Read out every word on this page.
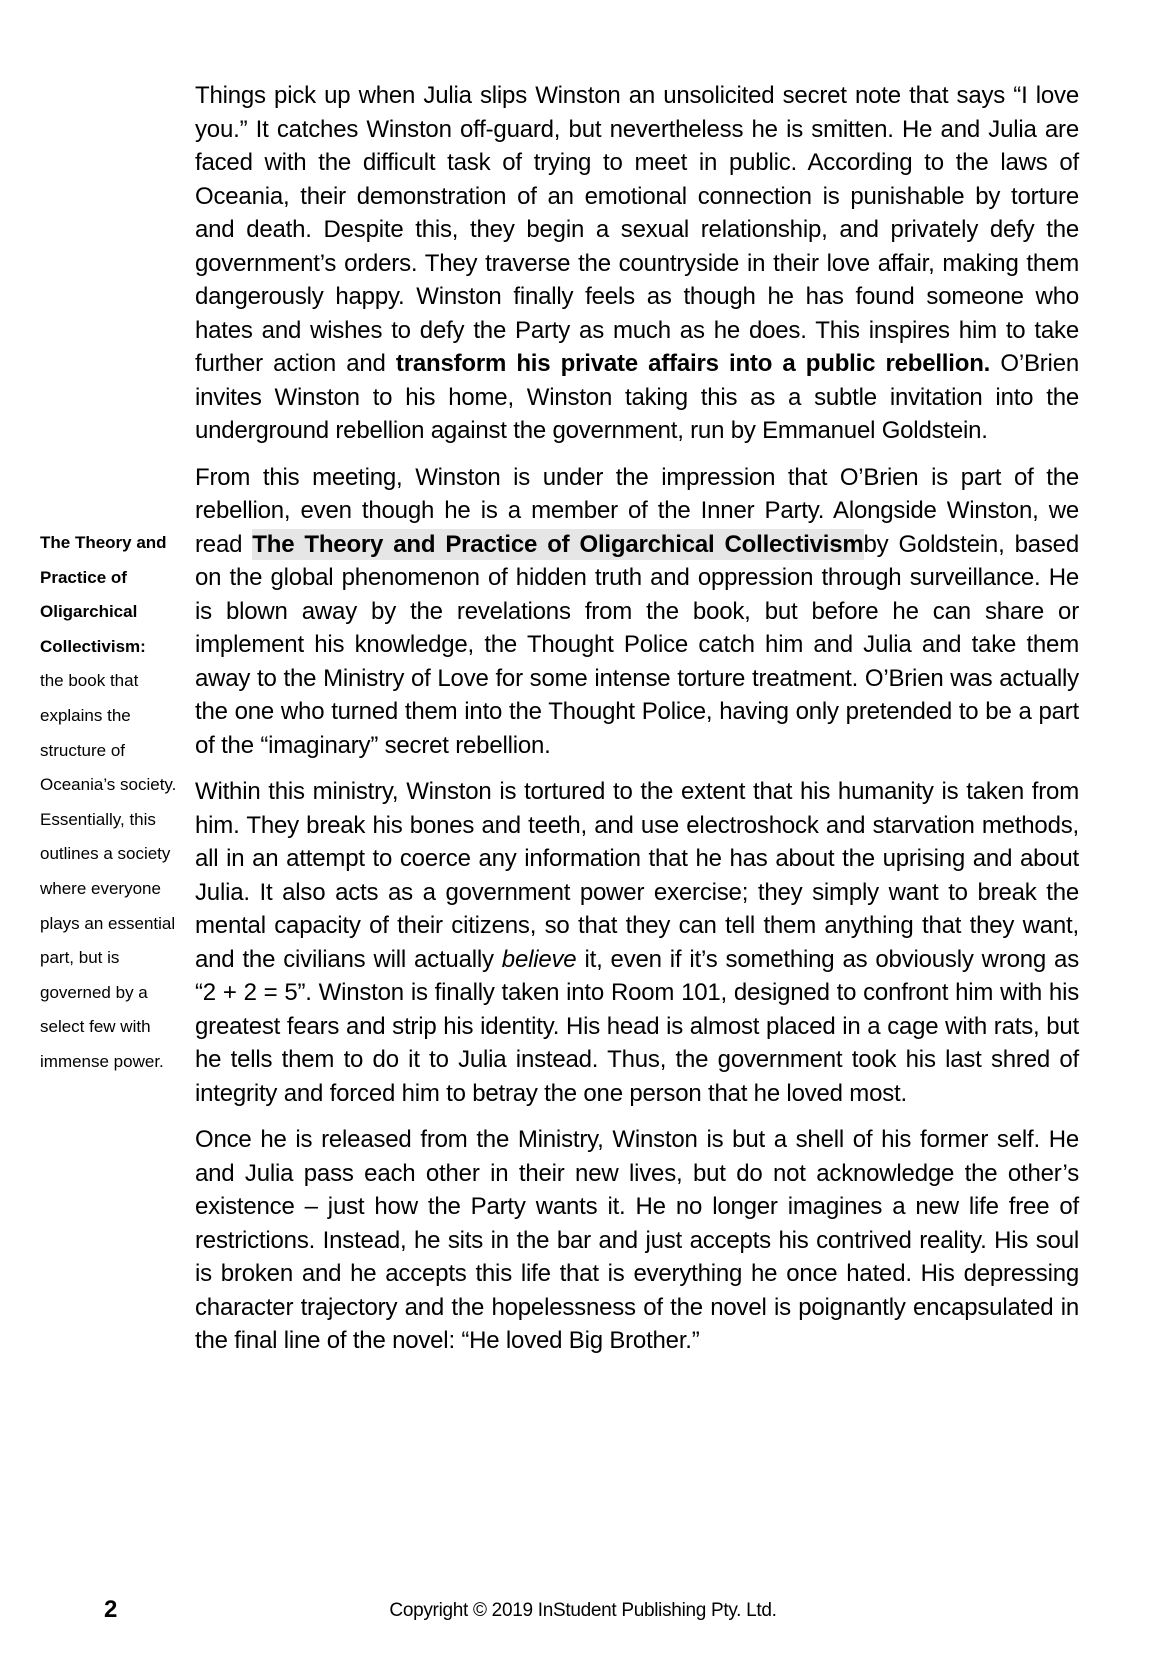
The Theory and Practice of Oligarchical Collectivism:
the book that explains the structure of Oceania’s society. Essentially, this outlines a society where everyone plays an essential part, but is governed by a select few with immense power.

Things pick up when Julia slips Winston an unsolicited secret note that says “I love you.” It catches Winston off-guard, but nevertheless he is smitten. He and Julia are faced with the difficult task of trying to meet in public. According to the laws of Oceania, their demonstration of an emotional connection is punishable by torture and death. Despite this, they begin a sexual relationship, and privately defy the government’s orders. They traverse the countryside in their love affair, making them dangerously happy. Winston finally feels as though he has found someone who hates and wishes to defy the Party as much as he does. This inspires him to take further action and transform his private affairs into a public rebellion. O’Brien invites Winston to his home, Winston taking this as a subtle invitation into the underground rebellion against the government, run by Emmanuel Goldstein.

From this meeting, Winston is under the impression that O’Brien is part of the rebellion, even though he is a member of the Inner Party. Alongside Winston, we read The Theory and Practice of Oligarchical Collectivismby Goldstein, based on the global phenomenon of hidden truth and oppression through surveillance. He is blown away by the revelations from the book, but before he can share or implement his knowledge, the Thought Police catch him and Julia and take them away to the Ministry of Love for some intense torture treatment. O’Brien was actually the one who turned them into the Thought Police, having only pretended to be a part of the “imaginary” secret rebellion.

Within this ministry, Winston is tortured to the extent that his humanity is taken from him. They break his bones and teeth, and use electroshock and starvation methods, all in an attempt to coerce any information that he has about the uprising and about Julia. It also acts as a government power exercise; they simply want to break the mental capacity of their citizens, so that they can tell them anything that they want, and the civilians will actually believe it, even if it’s something as obviously wrong as “2 + 2 = 5”. Winston is finally taken into Room 101, designed to confront him with his greatest fears and strip his identity. His head is almost placed in a cage with rats, but he tells them to do it to Julia instead. Thus, the government took his last shred of integrity and forced him to betray the one person that he loved most.

Once he is released from the Ministry, Winston is but a shell of his former self. He and Julia pass each other in their new lives, but do not acknowledge the other’s existence – just how the Party wants it. He no longer imagines a new life free of restrictions. Instead, he sits in the bar and just accepts his contrived reality. His soul is broken and he accepts this life that is everything he once hated. His depressing character trajectory and the hopelessness of the novel is poignantly encapsulated in the final line of the novel: “He loved Big Brother.”

2	Copyright © 2019 InStudent Publishing Pty. Ltd.
